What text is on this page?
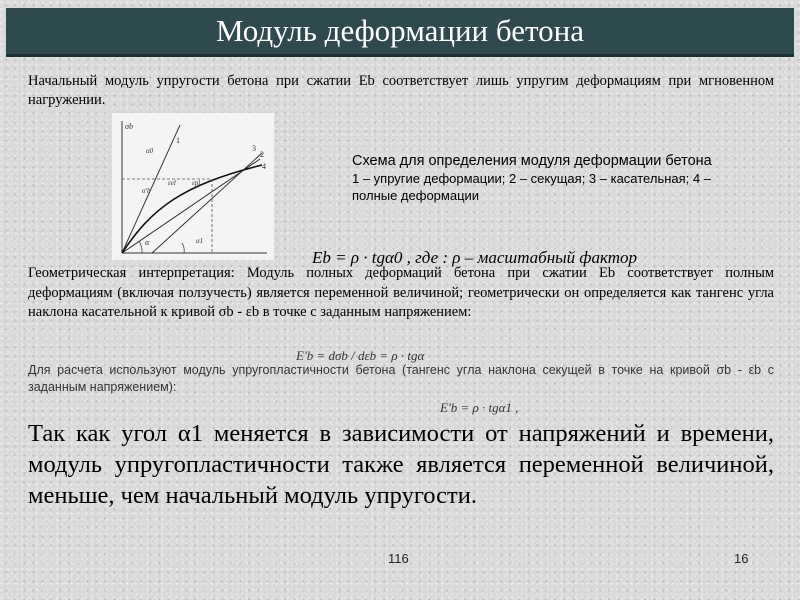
Модуль деформации бетона
Начальный модуль упругости бетона при сжатии Eb соответствует лишь упругим деформациям при мгновенном нагружении.
σb
1
2
3
4
α0
α	α1
εel εpl
σ'b
Схема для определения модуля деформации бетона
1 – упругие деформации; 2 – секущая; 3 – касательная; 4 – полные деформации
Eb = ρ · tgα0 , где : ρ – масштабный фактор
Геометрическая интерпретация: Модуль полных деформаций бетона при сжатии Eb соответствует полным деформациям (включая ползучесть) является переменной величиной; геометрически он определяется как тангенс угла наклона касательной к кривой σb - εb в точке с заданным напряжением:
E'b = dσb / dεb = ρ · tgα
Для расчета используют модуль упругопластичности бетона (тангенс угла наклона секущей в точке на кривой σb - εb с заданным напряжением):
E'b = ρ · tgα1 ,
Так как угол α1 меняется в зависимости от напряжений и времени, модуль упругопластичности также является переменной величиной, меньше, чем начальный модуль упругости.
116	16
